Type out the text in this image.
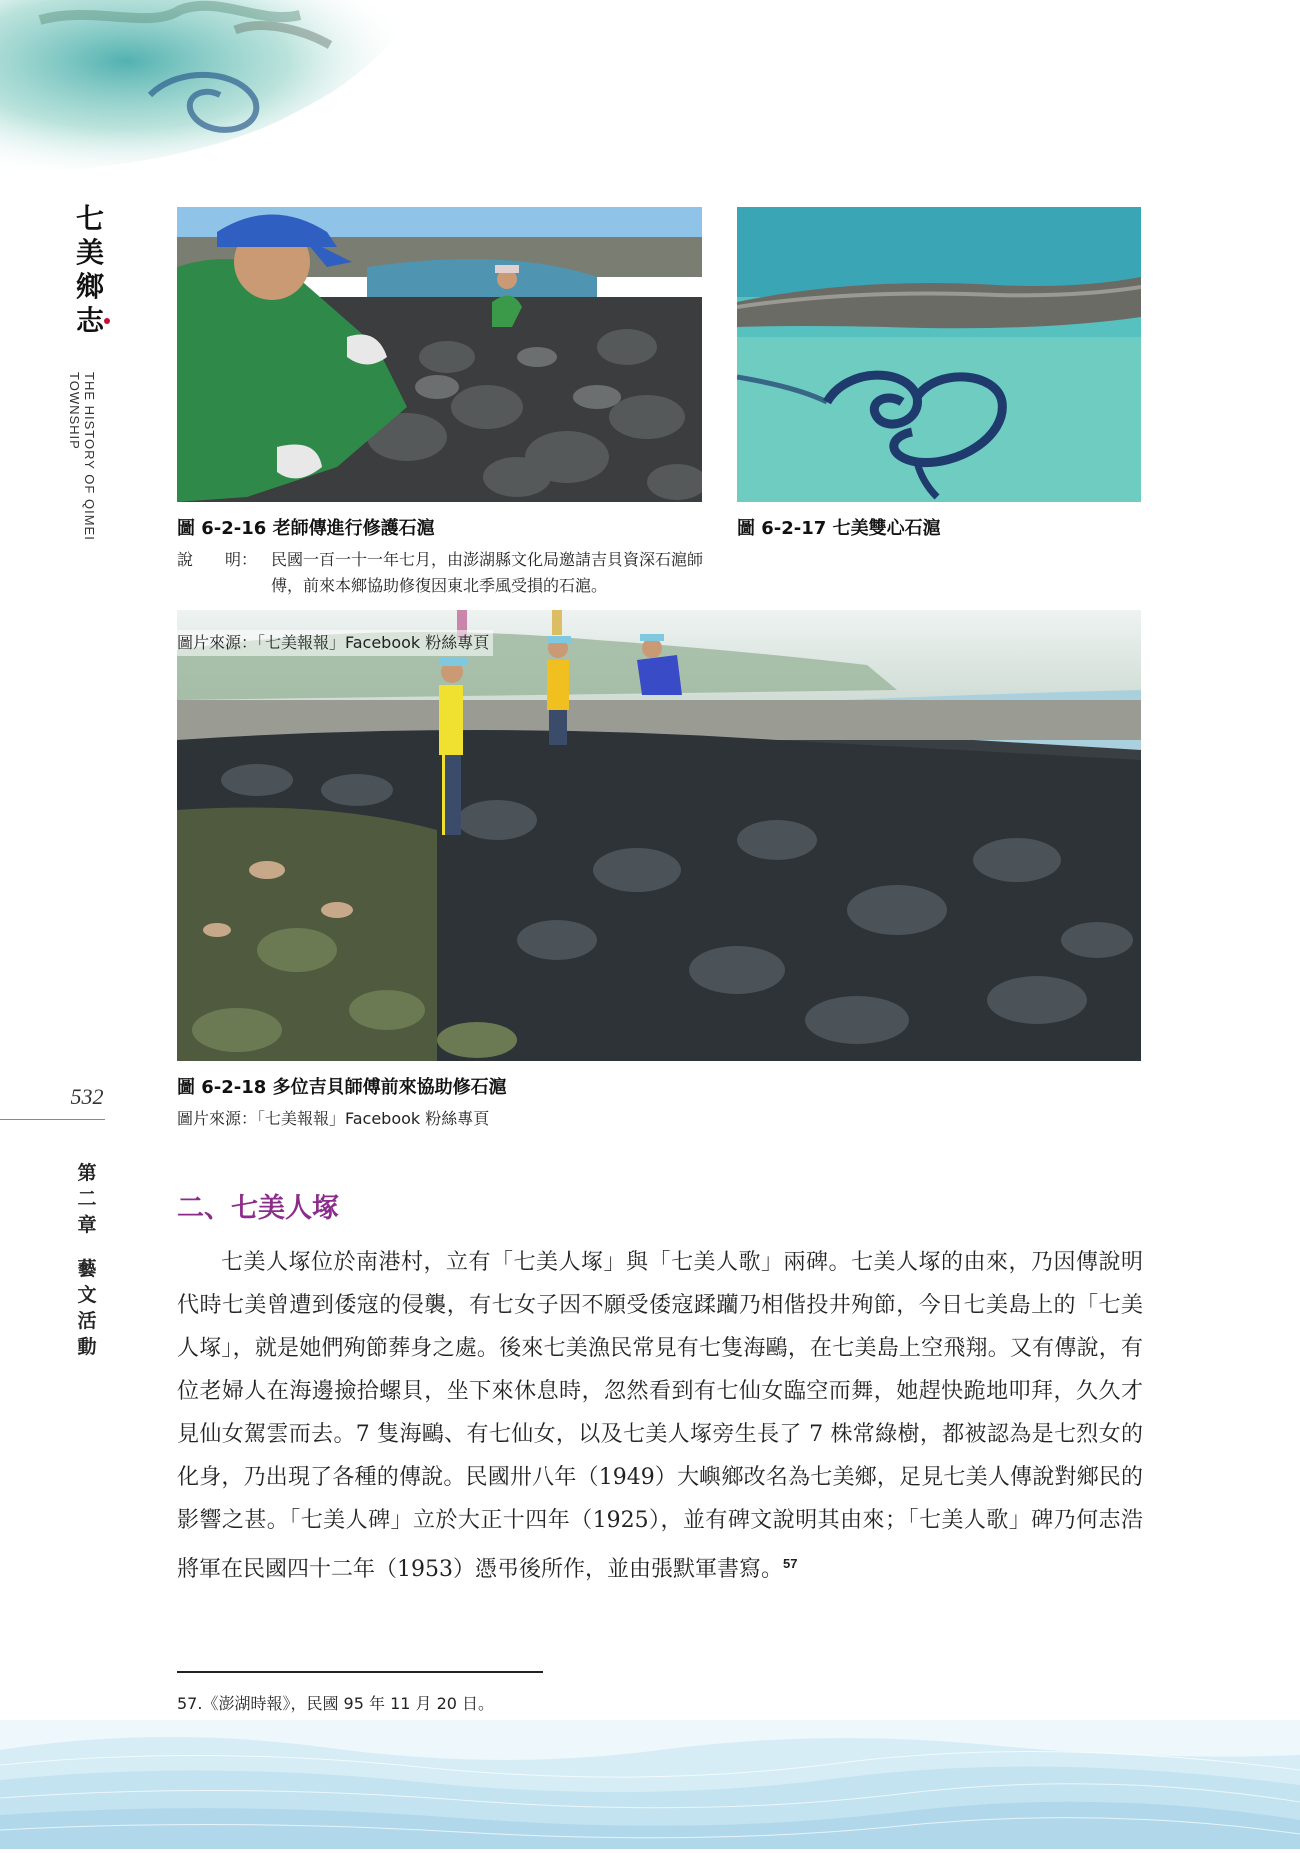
七
美
鄉
志
THE HISTORY OF QIMEI TOWNSHIP
532
第
二
章
藝
文
活
動
圖 6-2-16 老師傳進行修護石滬
說　　明： 民國一百一十一年七月，由澎湖縣文化局邀請吉貝資深石滬師傅，前來本鄉協助修復因東北季風受損的石滬。
圖片來源：「七美報報」Facebook 粉絲專頁
圖 6-2-17 七美雙心石滬
圖 6-2-18 多位吉貝師傅前來協助修石滬
圖片來源：「七美報報」Facebook 粉絲專頁
二、七美人塚
七美人塚位於南港村，立有「七美人塚」與「七美人歌」兩碑。七美人塚的由來，乃因傳說明代時七美曾遭到倭寇的侵襲，有七女子因不願受倭寇蹂躪乃相偕投井殉節，今日七美島上的「七美人塚」，就是她們殉節葬身之處。後來七美漁民常見有七隻海鷗，在七美島上空飛翔。又有傳說，有位老婦人在海邊撿拾螺貝，坐下來休息時，忽然看到有七仙女臨空而舞，她趕快跪地叩拜，久久才見仙女駕雲而去。7 隻海鷗、有七仙女，以及七美人塚旁生長了 7 株常綠樹，都被認為是七烈女的化身，乃出現了各種的傳說。民國卅八年（1949）大嶼鄉改名為七美鄉，足見七美人傳說對鄉民的影響之甚。「七美人碑」立於大正十四年（1925），並有碑文說明其由來；「七美人歌」碑乃何志浩將軍在民國四十二年（1953）憑弔後所作，並由張默軍書寫。$^{57}$
57.《澎湖時報》，民國 95 年 11 月 20 日。
